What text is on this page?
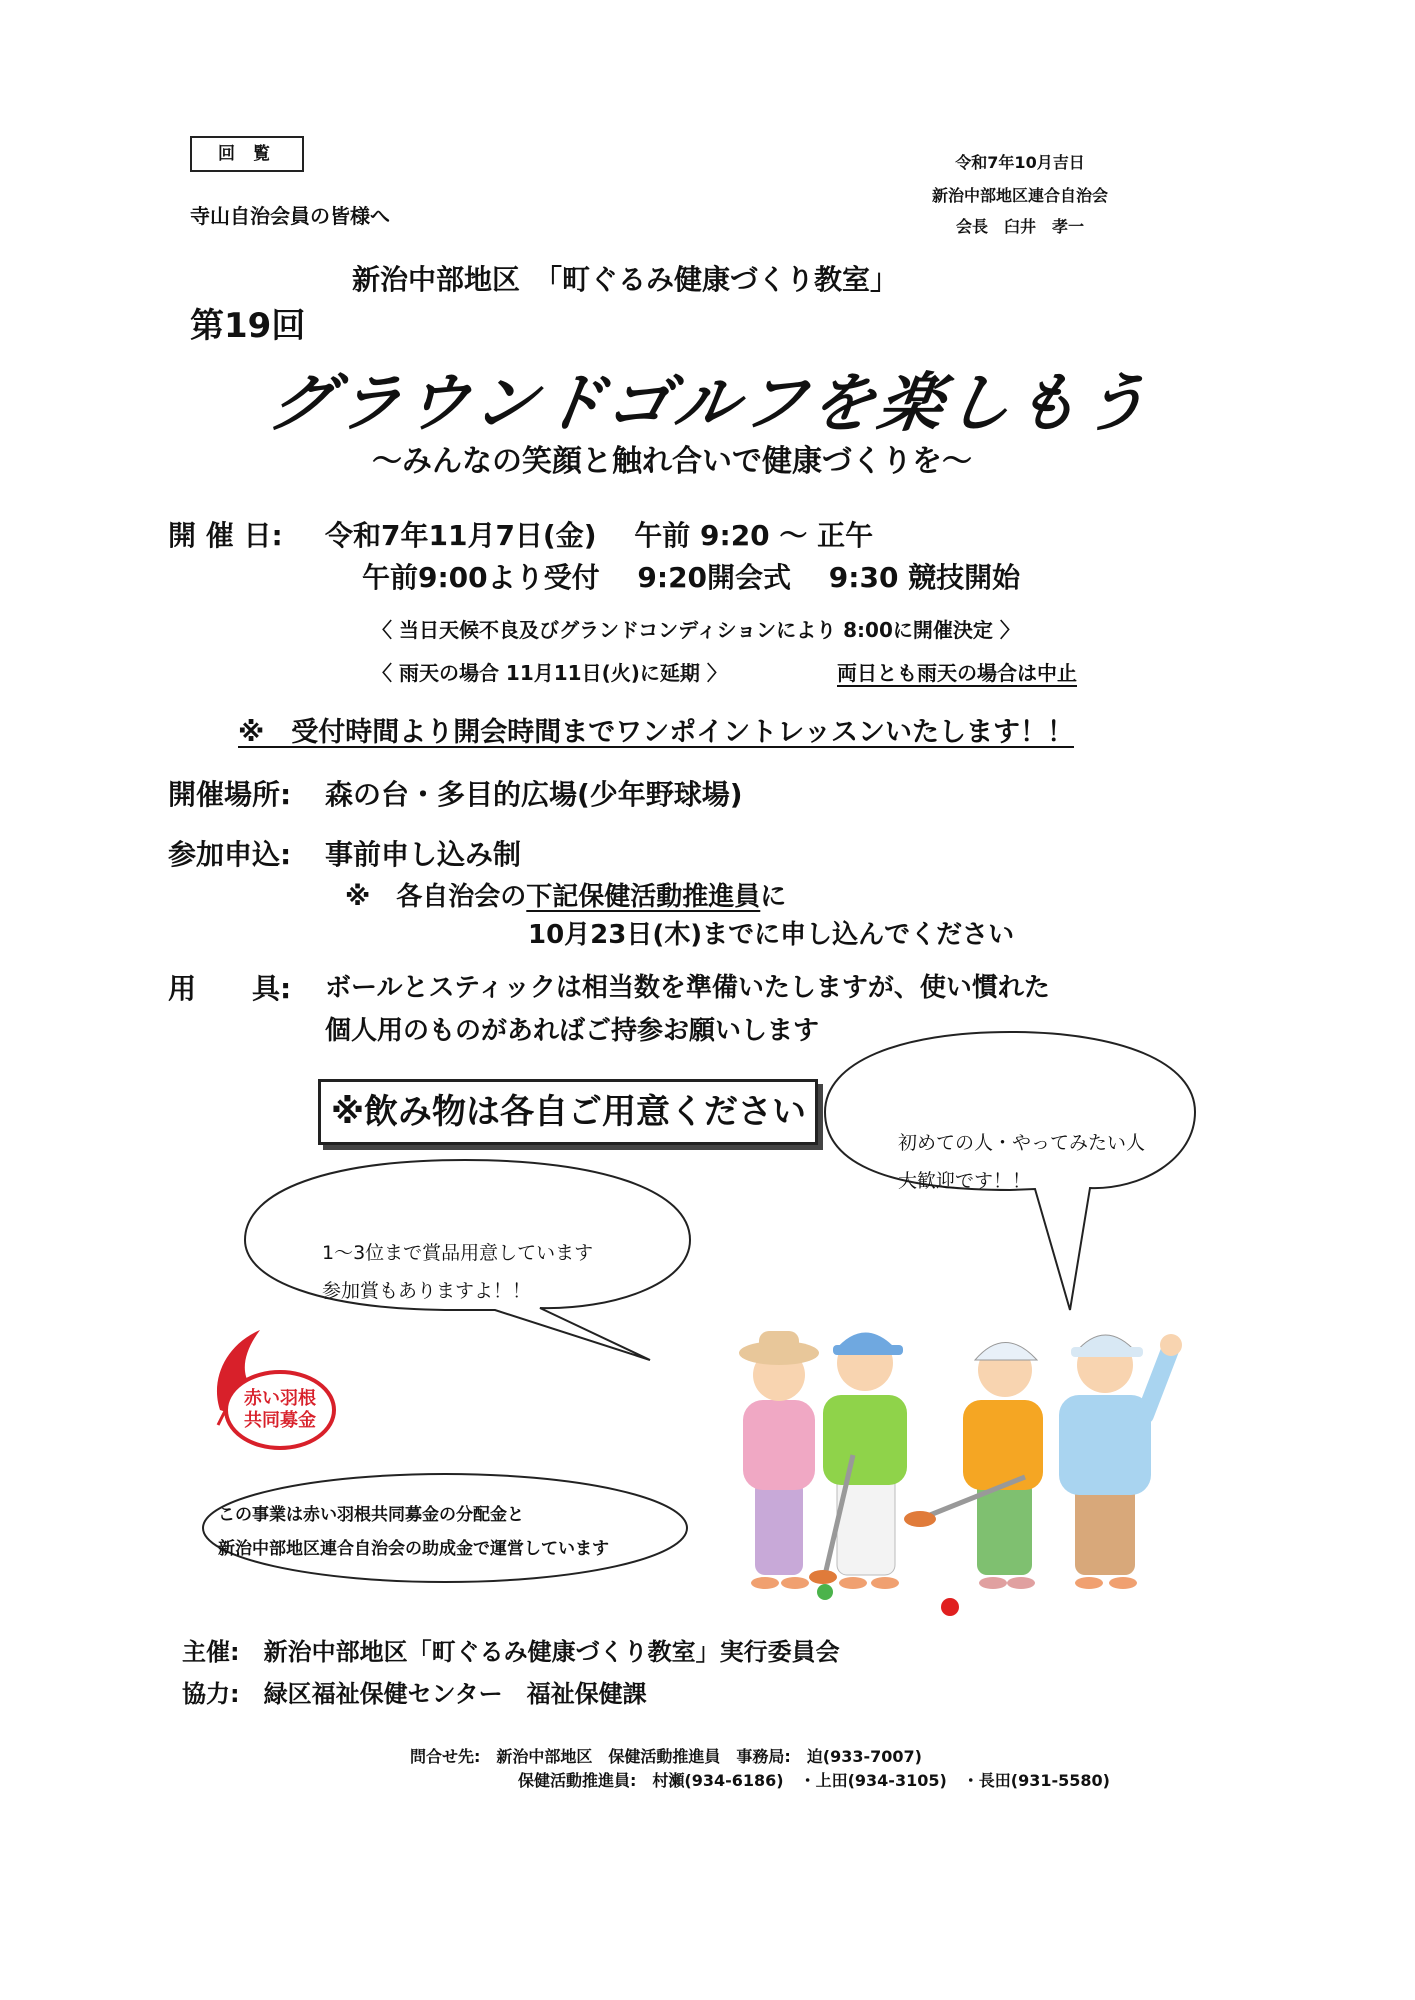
回 覧	令和7年10月吉日
新治中部地区連合自治会
会長　臼井　孝一
寺山自治会員の皆様へ
新治中部地区　「町ぐるみ健康づくり教室」
第19回
グラウンドゴルフを楽しもう
～みんなの笑顔と触れ合いで健康づくりを～
開 催 日: 令和7年11月7日(金)　 午前 9:20 ～ 正午
午前9:00より受付　 9:20開会式　 9:30 競技開始
〈 当日天候不良及びグランドコンディションにより 8:00に開催決定 〉
〈 雨天の場合 11月11日(火)に延期 〉	両日とも雨天の場合は中止
※　受付時間より開会時間までワンポイントレッスンいたします！！
開催場所: 森の台・多目的広場(少年野球場)
参加申込: 事前申し込み制
※　各自治会の下記保健活動推進員に
10月23日(木)までに申し込んでください
用　　具: ボールとスティックは相当数を準備いたしますが、使い慣れた
個人用のものがあればご持参お願いします
※飲み物は各自ご用意ください
初めての人・やってみたい人
大歓迎です！！
1～3位まで賞品用意しています
参加賞もありますよ！！
この事業は赤い羽根共同募金の分配金と
新治中部地区連合自治会の助成金で運営しています
赤い羽根
共同募金
主催:　新治中部地区「町ぐるみ健康づくり教室」実行委員会
協力:　緑区福祉保健センター　福祉保健課
問合せ先:　新治中部地区　保健活動推進員　事務局:　迫(933-7007)
保健活動推進員:　村瀬(934-6186)　・上田(934-3105)　・長田(931-5580)
